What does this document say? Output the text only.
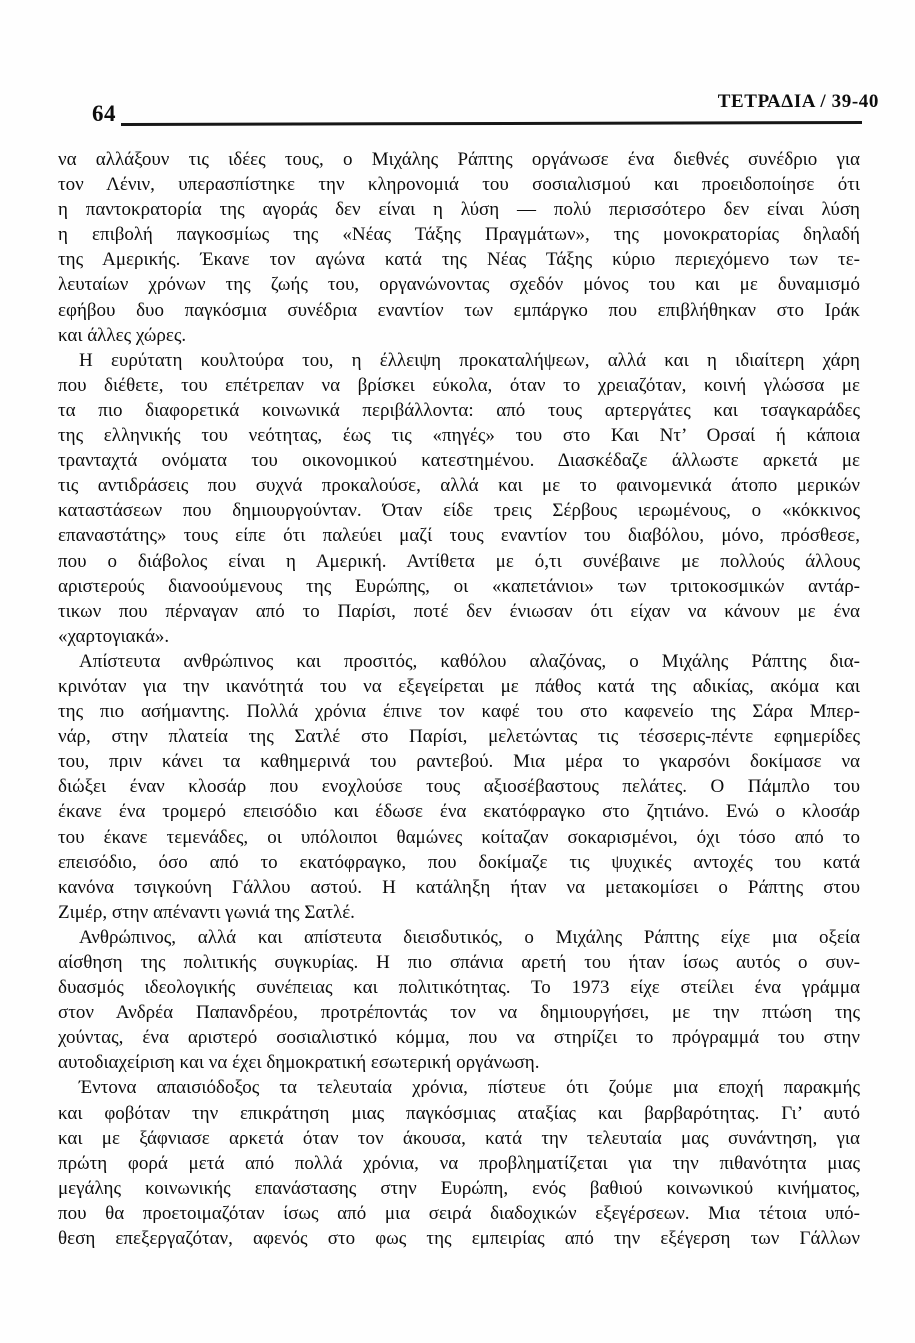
64	ΤΕΤΡΑΔΙΑ / 39-40
να αλλάξουν τις ιδέες τους, ο Μιχάλης Ράπτης οργάνωσε ένα διεθνές συνέδριο για
τον Λένιν, υπερασπίστηκε την κληρονομιά του σοσιαλισμού και προειδοποίησε ότι
η παντοκρατορία της αγοράς δεν είναι η λύση — πολύ περισσότερο δεν είναι λύση
η επιβολή παγκοσμίως της «Νέας Τάξης Πραγμάτων», της μονοκρατορίας δηλαδή
της Αμερικής. Έκανε τον αγώνα κατά της Νέας Τάξης κύριο περιεχόμενο των τε-
λευταίων χρόνων της ζωής του, οργανώνοντας σχεδόν μόνος του και με δυναμισμό
εφήβου δυο παγκόσμια συνέδρια εναντίον των εμπάργκο που επιβλήθηκαν στο Ιράκ
και άλλες χώρες.
Η ευρύτατη κουλτούρα του, η έλλειψη προκαταλήψεων, αλλά και η ιδιαίτερη χάρη
που διέθετε, του επέτρεπαν να βρίσκει εύκολα, όταν το χρειαζόταν, κοινή γλώσσα με
τα πιο διαφορετικά κοινωνικά περιβάλλοντα: από τους αρτεργάτες και τσαγκαράδες
της ελληνικής του νεότητας, έως τις «πηγές» του στο Και Ντ’ Ορσαί ή κάποια
τρανταχτά ονόματα του οικονομικού κατεστημένου. Διασκέδαζε άλλωστε αρκετά με
τις αντιδράσεις που συχνά προκαλούσε, αλλά και με το φαινομενικά άτοπο μερικών
καταστάσεων που δημιουργούνταν. Όταν είδε τρεις Σέρβους ιερωμένους, ο «κόκκινος
επαναστάτης» τους είπε ότι παλεύει μαζί τους εναντίον του διαβόλου, μόνο, πρόσθεσε,
που ο διάβολος είναι η Αμερική. Αντίθετα με ό,τι συνέβαινε με πολλούς άλλους
αριστερούς διανοούμενους της Ευρώπης, οι «καπετάνιοι» των τριτοκοσμικών αντάρ-
τικων που πέρναγαν από το Παρίσι, ποτέ δεν ένιωσαν ότι είχαν να κάνουν με ένα
«χαρτογιακά».
Απίστευτα ανθρώπινος και προσιτός, καθόλου αλαζόνας, ο Μιχάλης Ράπτης δια-
κρινόταν για την ικανότητά του να εξεγείρεται με πάθος κατά της αδικίας, ακόμα και
της πιο ασήμαντης. Πολλά χρόνια έπινε τον καφέ του στο καφενείο της Σάρα Μπερ-
νάρ, στην πλατεία της Σατλέ στο Παρίσι, μελετώντας τις τέσσερις-πέντε εφημερίδες
του, πριν κάνει τα καθημερινά του ραντεβού. Μια μέρα το γκαρσόνι δοκίμασε να
διώξει έναν κλοσάρ που ενοχλούσε τους αξιοσέβαστους πελάτες. Ο Πάμπλο του
έκανε ένα τρομερό επεισόδιο και έδωσε ένα εκατόφραγκο στο ζητιάνο. Ενώ ο κλοσάρ
του έκανε τεμενάδες, οι υπόλοιποι θαμώνες κοίταζαν σοκαρισμένοι, όχι τόσο από το
επεισόδιο, όσο από το εκατόφραγκο, που δοκίμαζε τις ψυχικές αντοχές του κατά
κανόνα τσιγκούνη Γάλλου αστού. Η κατάληξη ήταν να μετακομίσει ο Ράπτης στου
Ζιμέρ, στην απέναντι γωνιά της Σατλέ.
Ανθρώπινος, αλλά και απίστευτα διεισδυτικός, ο Μιχάλης Ράπτης είχε μια οξεία
αίσθηση της πολιτικής συγκυρίας. Η πιο σπάνια αρετή του ήταν ίσως αυτός ο συν-
δυασμός ιδεολογικής συνέπειας και πολιτικότητας. Το 1973 είχε στείλει ένα γράμμα
στον Ανδρέα Παπανδρέου, προτρέποντάς τον να δημιουργήσει, με την πτώση της
χούντας, ένα αριστερό σοσιαλιστικό κόμμα, που να στηρίζει το πρόγραμμά του στην
αυτοδιαχείριση και να έχει δημοκρατική εσωτερική οργάνωση.
Έντονα απαισιόδοξος τα τελευταία χρόνια, πίστευε ότι ζούμε μια εποχή παρακμής
και φοβόταν την επικράτηση μιας παγκόσμιας αταξίας και βαρβαρότητας. Γι’ αυτό
και με ξάφνιασε αρκετά όταν τον άκουσα, κατά την τελευταία μας συνάντηση, για
πρώτη φορά μετά από πολλά χρόνια, να προβληματίζεται για την πιθανότητα μιας
μεγάλης κοινωνικής επανάστασης στην Ευρώπη, ενός βαθιού κοινωνικού κινήματος,
που θα προετοιμαζόταν ίσως από μια σειρά διαδοχικών εξεγέρσεων. Μια τέτοια υπό-
θεση επεξεργαζόταν, αφενός στο φως της εμπειρίας από την εξέγερση των Γάλλων
